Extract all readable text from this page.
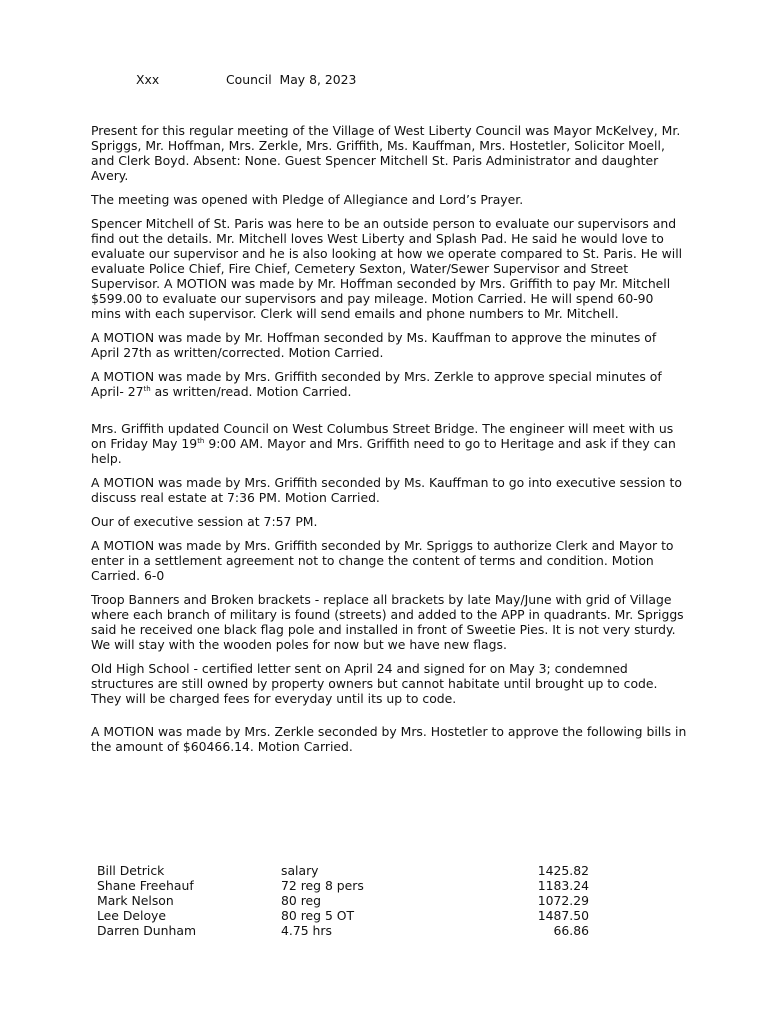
Xxx	Council  May 8, 2023

Present for this regular meeting of the Village of West Liberty Council was Mayor McKelvey, Mr. Spriggs, Mr. Hoffman, Mrs. Zerkle, Mrs. Griffith, Ms. Kauffman, Mrs. Hostetler, Solicitor Moell, and Clerk Boyd. Absent: None. Guest Spencer Mitchell St. Paris Administrator and daughter Avery.

The meeting was opened with Pledge of Allegiance and Lord’s Prayer.

Spencer Mitchell of St. Paris was here to be an outside person to evaluate our supervisors and find out the details. Mr. Mitchell loves West Liberty and Splash Pad. He said he would love to evaluate our supervisor and he is also looking at how we operate compared to St. Paris. He will evaluate Police Chief, Fire Chief, Cemetery Sexton, Water/Sewer Supervisor and Street Supervisor. A MOTION was made by Mr. Hoffman seconded by Mrs. Griffith to pay Mr. Mitchell $599.00 to evaluate our supervisors and pay mileage. Motion Carried. He will spend 60-90 mins with each supervisor. Clerk will send emails and phone numbers to Mr. Mitchell.

A MOTION was made by Mr. Hoffman seconded by Ms. Kauffman to approve the minutes of April 27th as written/corrected. Motion Carried.

A MOTION was made by Mrs. Griffith seconded by Mrs. Zerkle to approve special minutes of April- 27th as written/read. Motion Carried.

Mrs. Griffith updated Council on West Columbus Street Bridge. The engineer will meet with us on Friday May 19th 9:00 AM. Mayor and Mrs. Griffith need to go to Heritage and ask if they can help.

A MOTION was made by Mrs. Griffith seconded by Ms. Kauffman to go into executive session to discuss real estate at 7:36 PM. Motion Carried.

Our of executive session at 7:57 PM.

A MOTION was made by Mrs. Griffith seconded by Mr. Spriggs to authorize Clerk and Mayor to enter in a settlement agreement not to change the content of terms and condition. Motion Carried. 6-0

Troop Banners and Broken brackets - replace all brackets by late May/June with grid of Village where each branch of military is found (streets) and added to the APP in quadrants. Mr. Spriggs said he received one black flag pole and installed in front of Sweetie Pies. It is not very sturdy. We will stay with the wooden poles for now but we have new flags.

Old High School - certified letter sent on April 24 and signed for on May 3; condemned structures are still owned by property owners but cannot habitate until brought up to code. They will be charged fees for everyday until its up to code.

A MOTION was made by Mrs. Zerkle seconded by Mrs. Hostetler to approve the following bills in the amount of $60466.14. Motion Carried.

Bill Detrick	salary	1425.82
Shane Freehauf	72 reg 8 pers	1183.24
Mark Nelson	80 reg	1072.29
Lee Deloye	80 reg 5 OT	1487.50
Darren Dunham	4.75 hrs	66.86
